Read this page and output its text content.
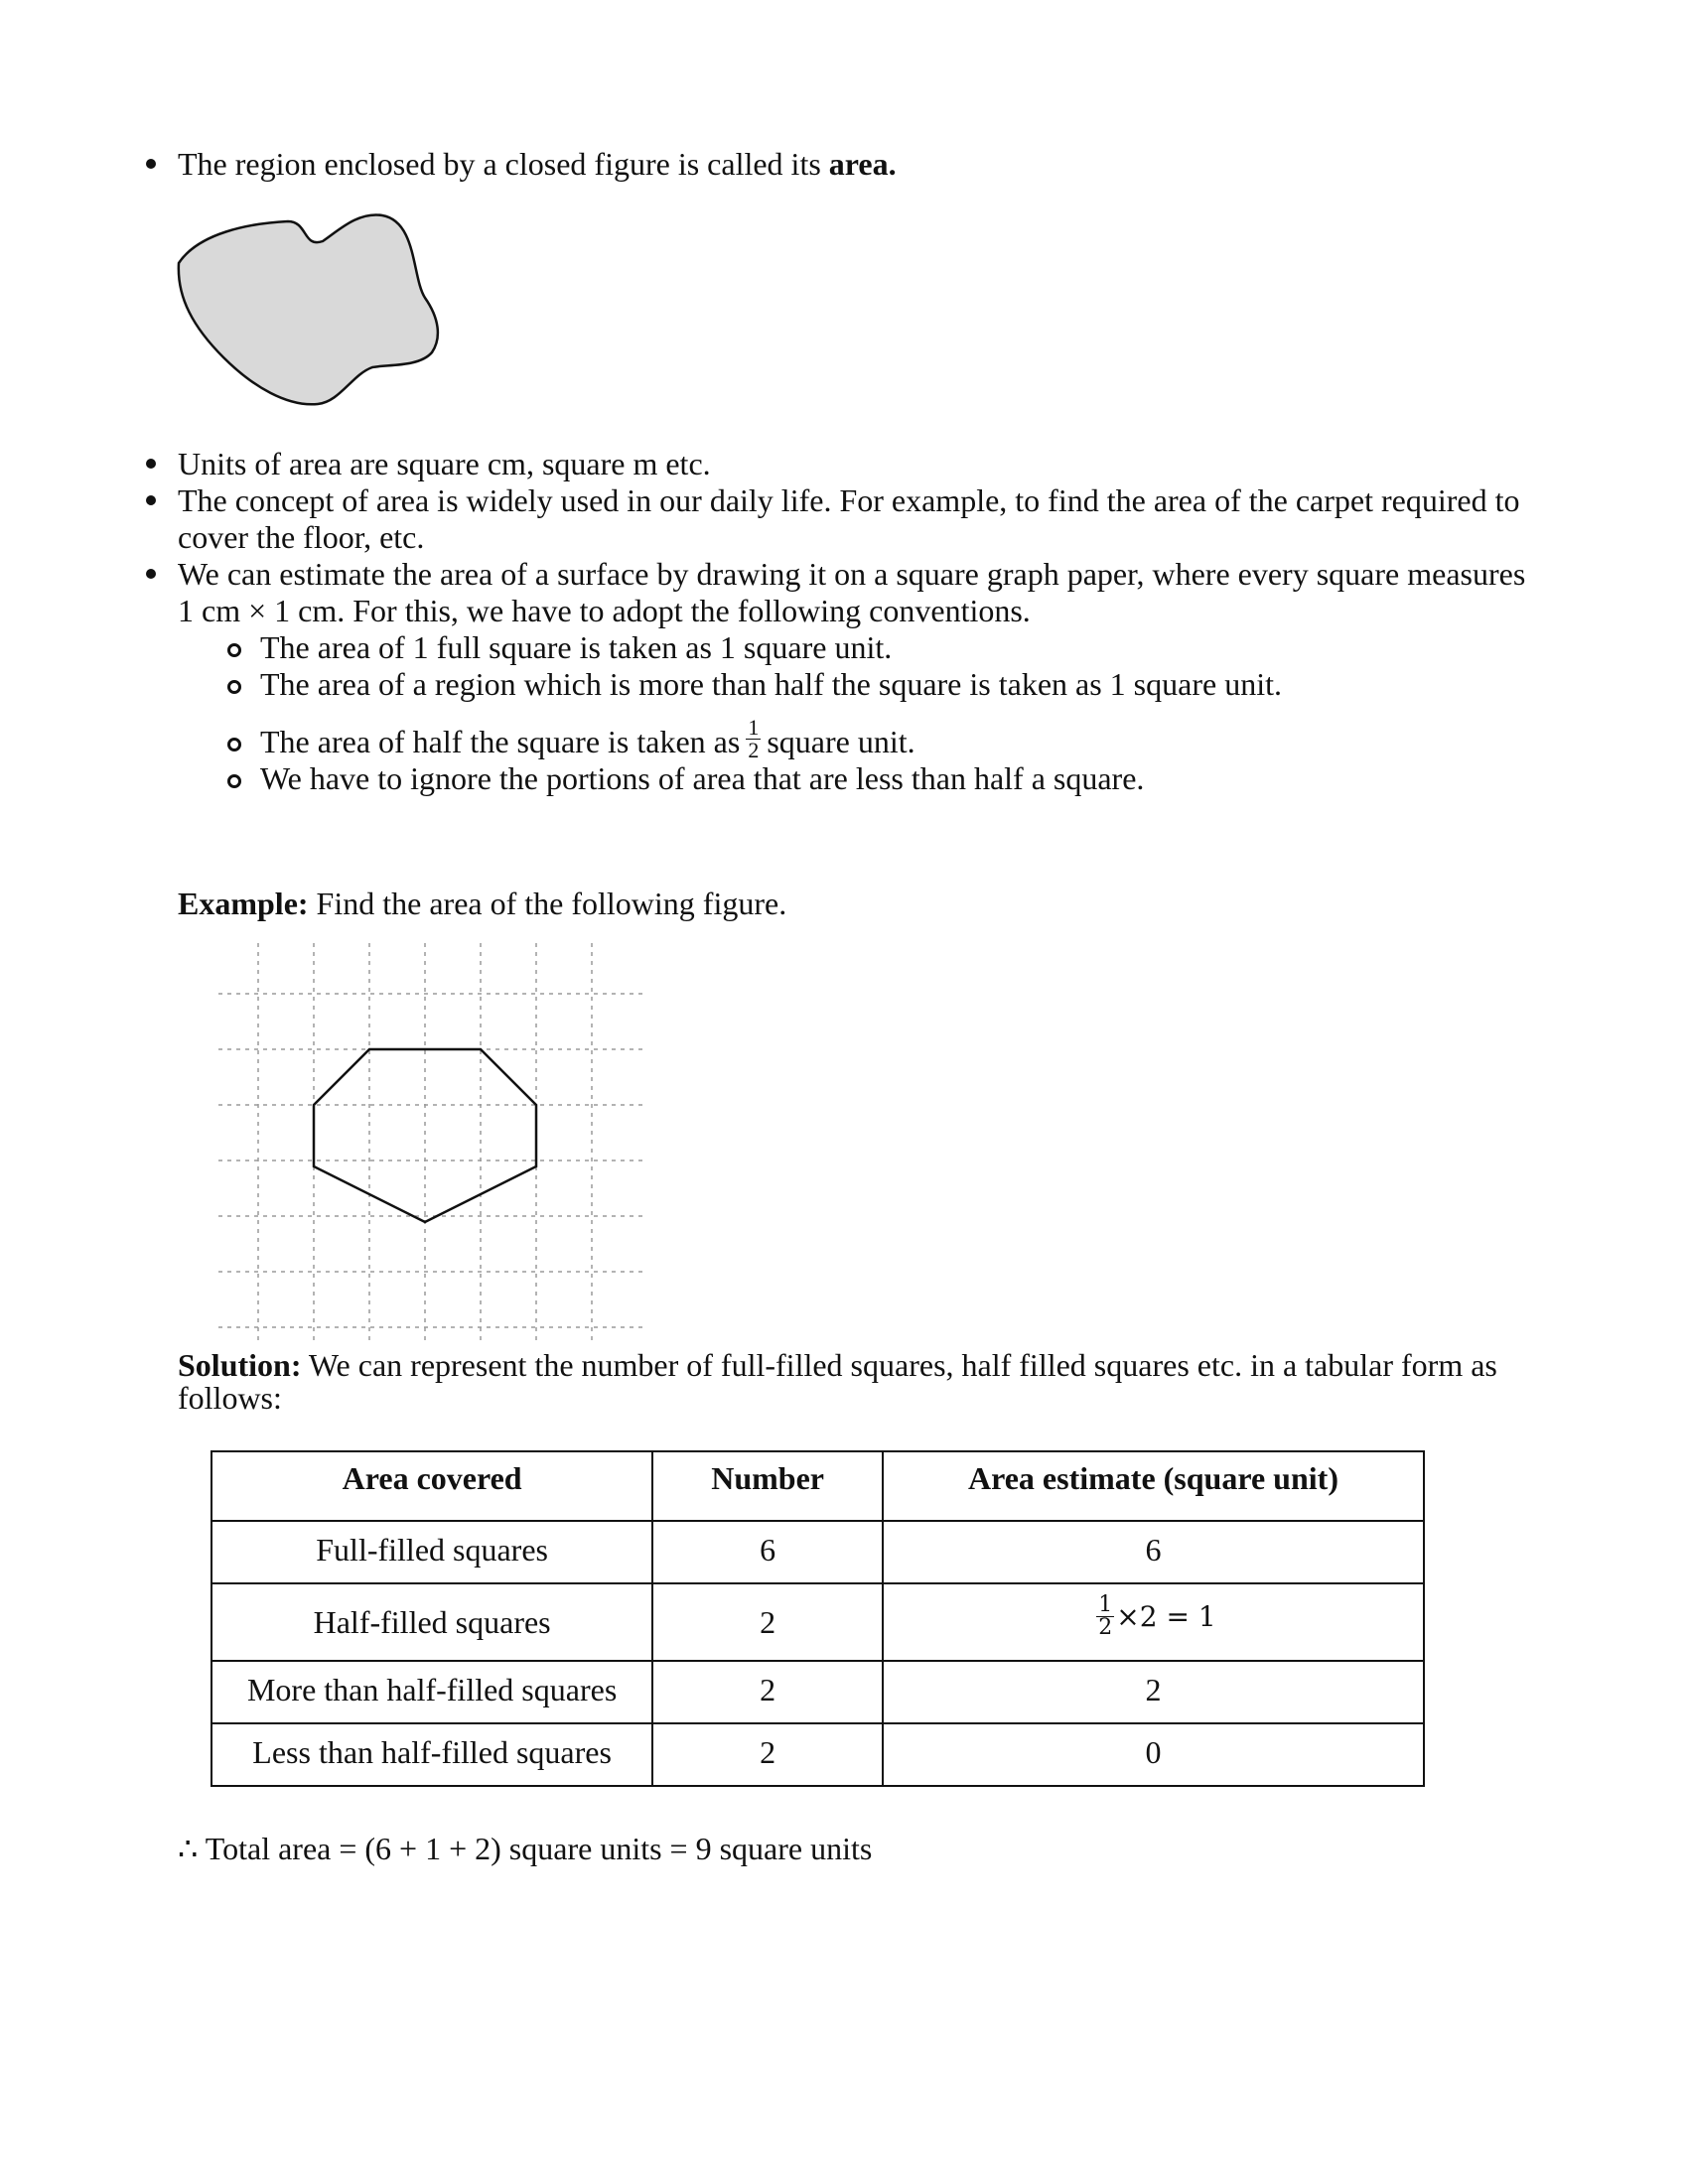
The region enclosed by a closed figure is called its area.
Units of area are square cm, square m etc.
The concept of area is widely used in our daily life. For example, to find the area of the carpet required to
cover the floor, etc.
We can estimate the area of a surface by drawing it on a square graph paper, where every square measures
1 cm × 1 cm. For this, we have to adopt the following conventions.
The area of 1 full square is taken as 1 square unit.
The area of a region which is more than half the square is taken as 1 square unit.
The area of half the square is taken as $\frac{1}{2}$ square unit.
We have to ignore the portions of area that are less than half a square.
Example: Find the area of the following figure.
Solution: We can represent the number of full-filled squares, half filled squares etc. in a tabular form as
follows:
Area covered	Number	Area estimate (square unit)
Full-filled squares	6	6
Half-filled squares	2	$\frac{1}{2} \times 2 = 1$
More than half-filled squares	2	2
Less than half-filled squares	2	0
∴ Total area = (6 + 1 + 2) square units = 9 square units
